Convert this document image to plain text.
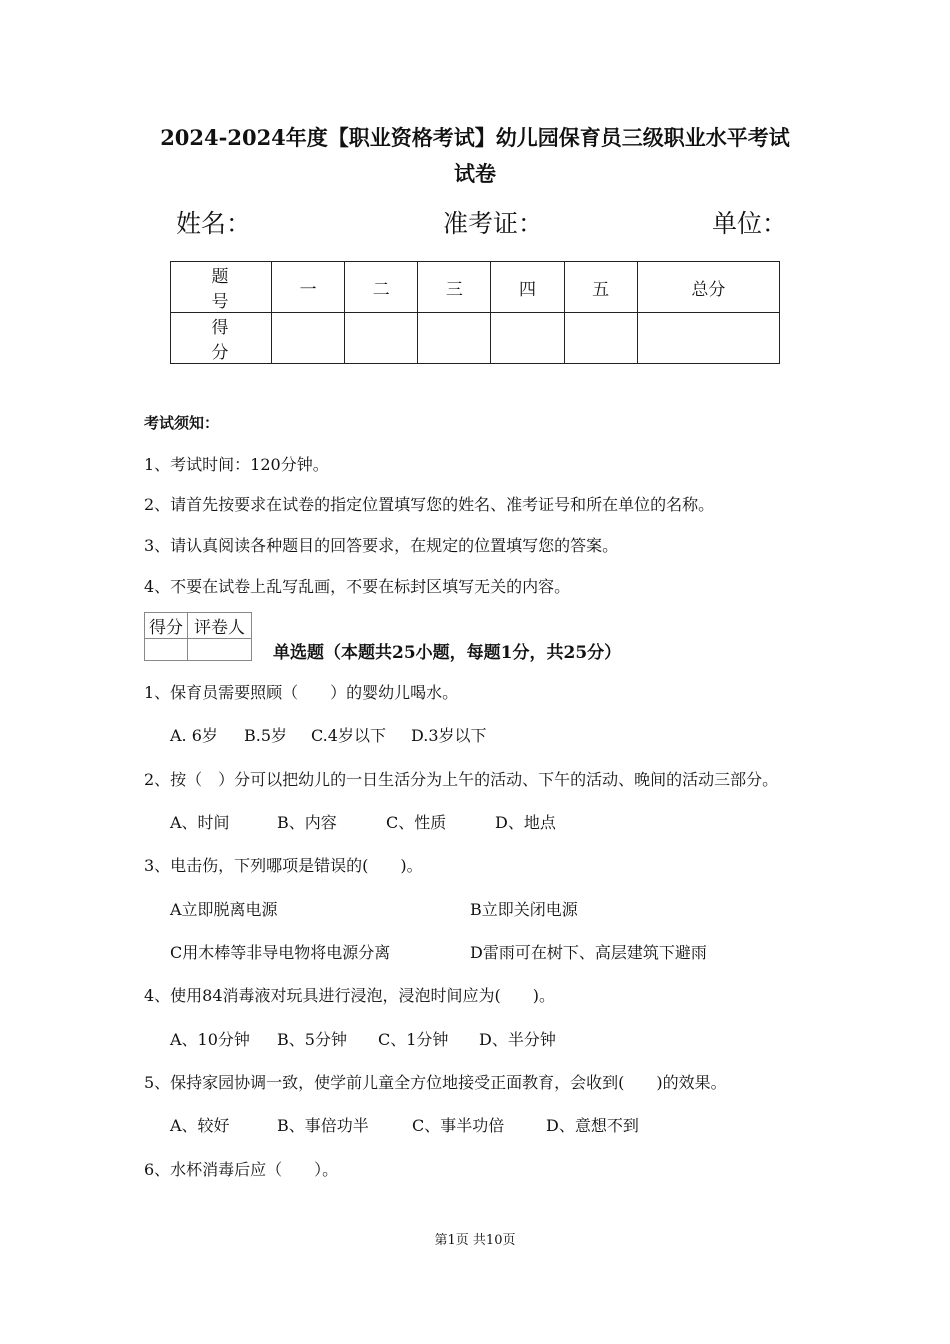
2024-2024年度【职业资格考试】幼儿园保育员三级职业水平考试
试卷
姓名：	准考证：	单位：
题　号	一	二	三	四	五	总分
得　分						
考试须知：
1、考试时间：120分钟。
2、请首先按要求在试卷的指定位置填写您的姓名、准考证号和所在单位的名称。
3、请认真阅读各种题目的回答要求，在规定的位置填写您的答案。
4、不要在试卷上乱写乱画，不要在标封区填写无关的内容。
得分	评卷人

单选题（本题共25小题，每题1分，共25分）
1、保育员需要照顾（　　）的婴幼儿喝水。
A. 6岁 B.5岁 C.4岁以下 D.3岁以下
2、按（　）分可以把幼儿的一日生活分为上午的活动、下午的活动、晚间的活动三部分。
A、时间	B、内容	C、性质	D、地点
3、电击伤，下列哪项是错误的(　　)。
A立即脱离电源	B立即关闭电源
C用木棒等非导电物将电源分离	D雷雨可在树下、高层建筑下避雨
4、使用84消毒液对玩具进行浸泡，浸泡时间应为(　　)。
A、10分钟 B、5分钟 C、1分钟 D、半分钟
5、保持家园协调一致，使学前儿童全方位地接受正面教育，会收到(　　)的效果。
A、较好	B、事倍功半	C、事半功倍	D、意想不到
6、水杯消毒后应（　　）。
第1页 共10页
